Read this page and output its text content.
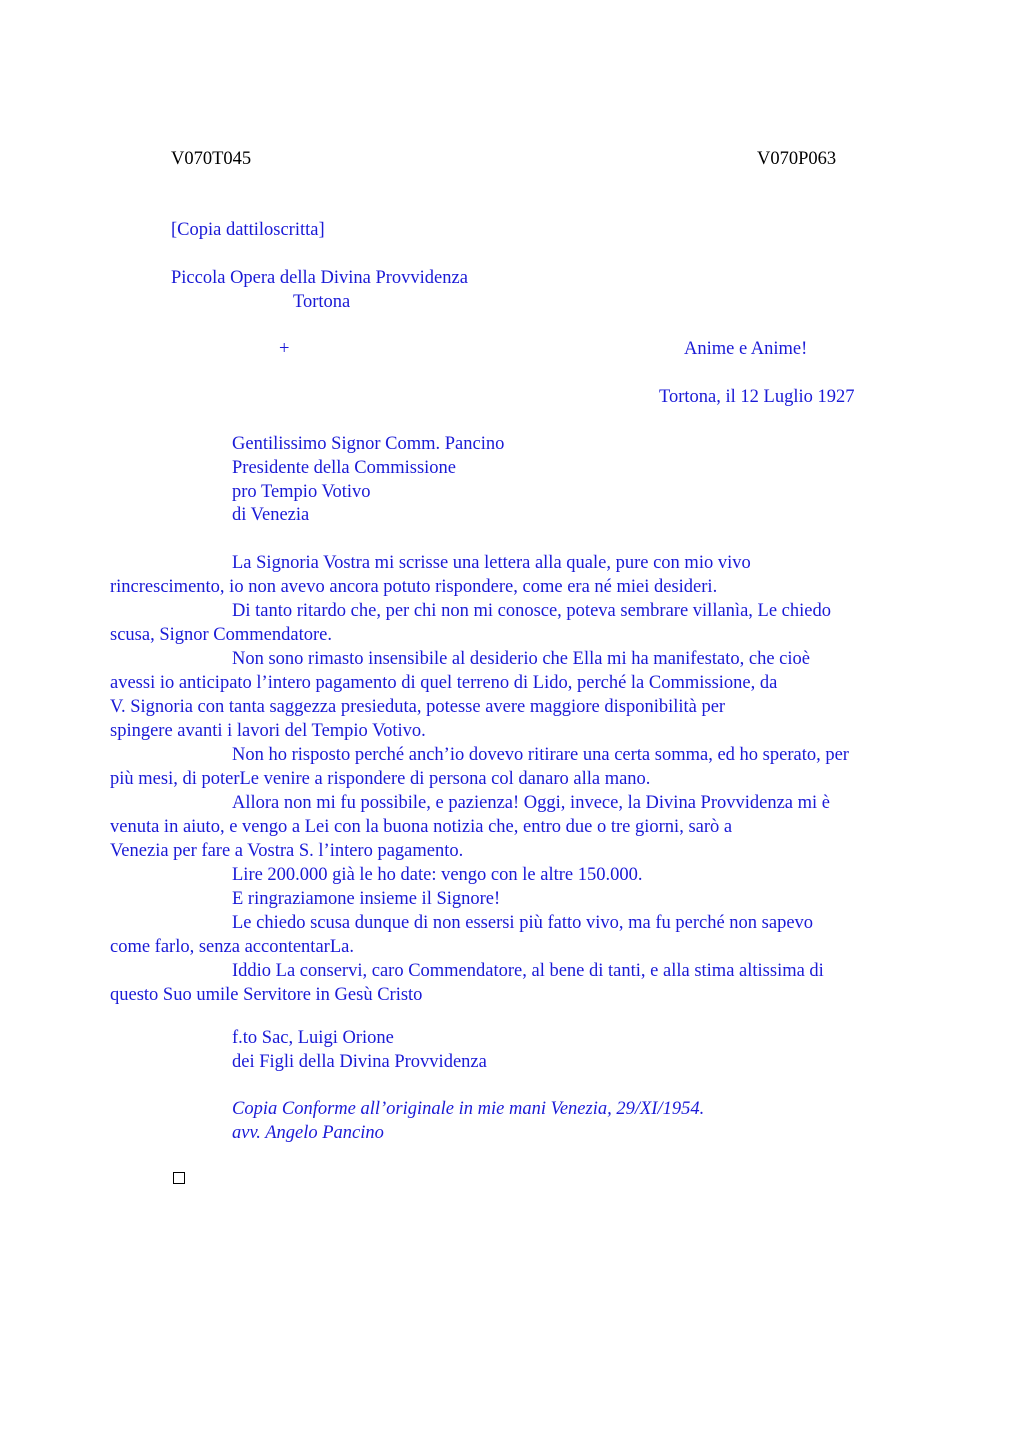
V070T045	V070P063
[Copia dattiloscritta]
Piccola Opera della Divina Provvidenza
Tortona
+	Anime e Anime!
Tortona, il 12 Luglio 1927
Gentilissimo Signor Comm. Pancino
Presidente della Commissione
pro Tempio Votivo
di Venezia

La Signoria Vostra mi scrisse una lettera alla quale, pure con mio vivo
rincrescimento, io non avevo ancora potuto rispondere, come era né miei desideri.

Di tanto ritardo che, per chi non mi conosce, poteva sembrare villanìa, Le chiedo
scusa, Signor Commendatore.

Non sono rimasto insensibile al desiderio che Ella mi ha manifestato, che cioè
avessi io anticipato l’intero pagamento di quel terreno di Lido, perché la Commissione, da
V. Signoria con tanta saggezza presieduta, potesse avere maggiore disponibilità per
spingere avanti i lavori del Tempio Votivo.

Non ho risposto perché anch’io dovevo ritirare una certa somma, ed ho sperato, per
più mesi, di poterLe venire a rispondere di persona col danaro alla mano.

Allora non mi fu possibile, e pazienza! Oggi, invece, la Divina Provvidenza mi è
venuta in aiuto, e vengo a Lei con la buona notizia che, entro due o tre giorni, sarò a
Venezia per fare a Vostra S. l’intero pagamento.

Lire 200.000 già le ho date: vengo con le altre 150.000.

E ringraziamone insieme il Signore!

Le chiedo scusa dunque di non essersi più fatto vivo, ma fu perché non sapevo
come farlo, senza accontentarLa.

Iddio La conservi, caro Commendatore, al bene di tanti, e alla stima altissima di
questo Suo umile Servitore in Gesù Cristo

f.to Sac, Luigi Orione
dei Figli della Divina Provvidenza
Copia Conforme all’originale in mie mani Venezia, 29/XI/1954.
avv. Angelo Pancino
